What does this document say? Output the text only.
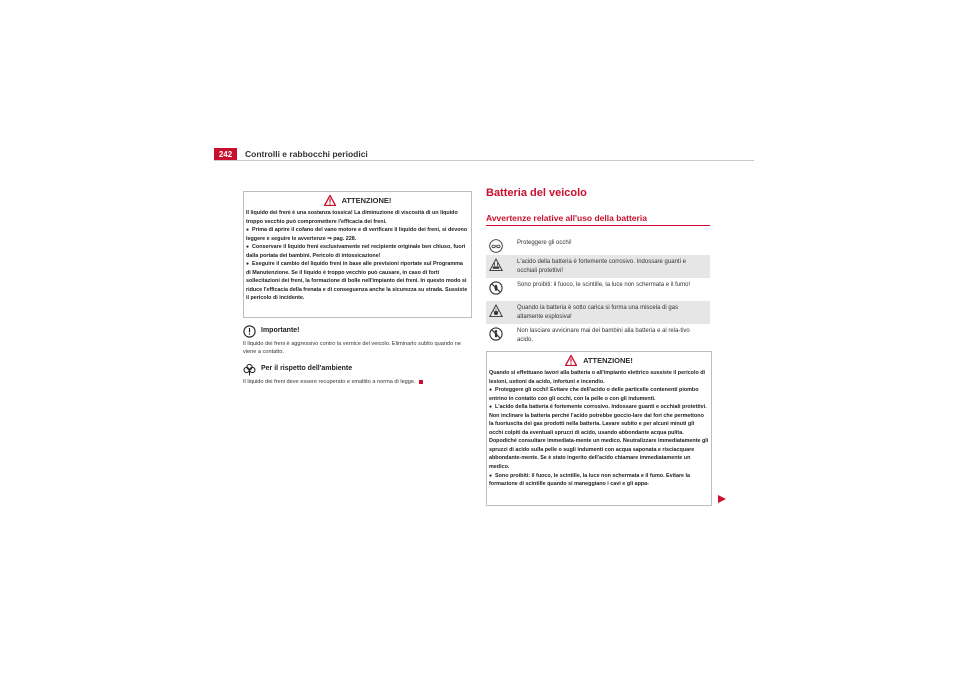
242	Controlli e rabbocchi periodici
ATTENZIONE!

Il liquido dei freni è una sostanza tossica! La diminuzione di viscosità di un liquido troppo vecchio può compromettere l'efficacia dei freni.

● Prima di aprire il cofano del vano motore e di verificare il liquido dei freni, si devono leggere e seguire le avvertenze ⇒ pag. 228.

● Conservare il liquido freni esclusivamente nel recipiente originale ben chiuso, fuori dalla portata dei bambini. Pericolo di intossicazione!

● Eseguire il cambio del liquido freni in base alle previsioni riportate sul Programma di Manutenzione. Se il liquido è troppo vecchio può causare, in caso di forti sollecitazioni dei freni, la formazione di bolle nell'impianto dei freni. In questo modo si riduce l'efficacia della frenata e di conseguenza anche la sicurezza su strada. Sussiste il pericolo di incidente.

Importante!
Il liquido dei freni è aggressivo contro la vernice del veicolo. Eliminarlo subito quando ne viene a contatto.
Per il rispetto dell'ambiente
Il liquido dei freni deve essere recuperato e smaltito a norma di legge.
Batteria del veicolo
Avvertenze relative all'uso della batteria
Proteggere gli occhi!
L'acido della batteria è fortemente corrosivo. Indossare guanti e occhiali protettivi!
Sono proibiti: il fuoco, le scintille, la luce non schermata e il fumo!
Quando la batteria è sotto carica si forma una miscela di gas altamente esplosiva!
Non lasciare avvicinare mai dei bambini alla batteria e al rela-tivo acido.
ATTENZIONE!

Quando si effettuano lavori alla batteria o all'impianto elettrico sussiste il pericolo di lesioni, ustioni da acido, infortuni e incendio.

● Proteggere gli occhi! Evitare che dell'acido o delle particelle contenenti piombo entrino in contatto con gli occhi, con la pelle o con gli indumenti.

● L'acido della batteria è fortemente corrosivo. Indossare guanti e occhiali protettivi. Non inclinare la batteria perché l'acido potrebbe goccio-lare dai fori che permettono la fuoriuscita dei gas prodotti nella batteria. Lavare subito e per alcuni minuti gli occhi colpiti da eventuali spruzzi di acido, usando abbondante acqua pulita. Dopodiché consultare immediata-mente un medico. Neutralizzare immediatamente gli spruzzi di acido sulla pelle o sugli indumenti con acqua saponata e risciacquare abbondante-mente. Se è stato ingerito dell'acido chiamare immediatamente un medico.

● Sono proibiti: il fuoco, le scintille, la luce non schermata e il fumo. Evitare la formazione di scintille quando si maneggiano i cavi e gli appa-
